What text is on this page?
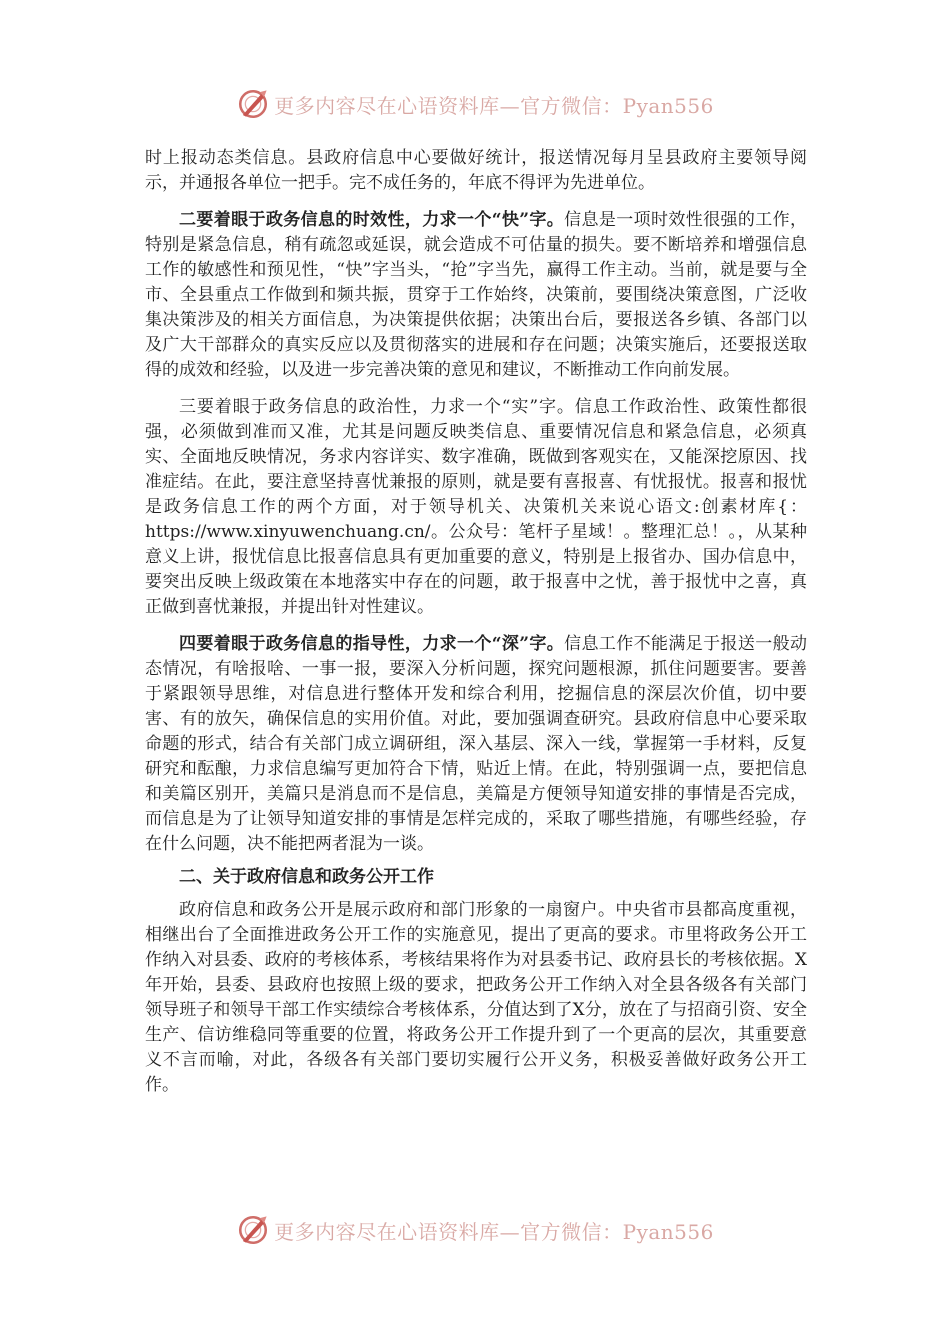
更多内容尽在心语资料库—官方微信：Pyan556

时上报动态类信息。县政府信息中心要做好统计，报送情况每月呈县政府主要领导阅示，并通报各单位一把手。完不成任务的，年底不得评为先进单位。

二要着眼于政务信息的时效性，力求一个“快”字。信息是一项时效性很强的工作，特别是紧急信息，稍有疏忽或延误，就会造成不可估量的损失。要不断培养和增强信息工作的敏感性和预见性，“快”字当头，“抢”字当先，赢得工作主动。当前，就是要与全市、全县重点工作做到和频共振，贯穿于工作始终，决策前，要围绕决策意图，广泛收集决策涉及的相关方面信息，为决策提供依据；决策出台后，要报送各乡镇、各部门以及广大干部群众的真实反应以及贯彻落实的进展和存在问题；决策实施后，还要报送取得的成效和经验，以及进一步完善决策的意见和建议，不断推动工作向前发展。

三要着眼于政务信息的政治性，力求一个“实”字。信息工作政治性、政策性都很强，必须做到准而又准，尤其是问题反映类信息、重要情况信息和紧急信息，必须真实、全面地反映情况，务求内容详实、数字准确，既做到客观实在，又能深挖原因、找准症结。在此，要注意坚持喜忧兼报的原则，就是要有喜报喜、有忧报忧。报喜和报忧是政务信息工作的两个方面，对于领导机关、决策机关来说心语文:创素材库{：https://www.xinyuwenchuang.cn/。公众号：笔杆子星域！。整理汇总！。，从某种意义上讲，报忧信息比报喜信息具有更加重要的意义，特别是上报省办、国办信息中，要突出反映上级政策在本地落实中存在的问题，敢于报喜中之忧，善于报忧中之喜，真正做到喜忧兼报，并提出针对性建议。

四要着眼于政务信息的指导性，力求一个“深”字。信息工作不能满足于报送一般动态情况，有啥报啥、一事一报，要深入分析问题，探究问题根源，抓住问题要害。要善于紧跟领导思维，对信息进行整体开发和综合利用，挖掘信息的深层次价值，切中要害、有的放矢，确保信息的实用价值。对此，要加强调查研究。县政府信息中心要采取命题的形式，结合有关部门成立调研组，深入基层、深入一线，掌握第一手材料，反复研究和酝酿，力求信息编写更加符合下情，贴近上情。在此，特别强调一点，要把信息和美篇区别开，美篇只是消息而不是信息，美篇是方便领导知道安排的事情是否完成，而信息是为了让领导知道安排的事情是怎样完成的，采取了哪些措施，有哪些经验，存在什么问题，决不能把两者混为一谈。

二、关于政府信息和政务公开工作

政府信息和政务公开是展示政府和部门形象的一扇窗户。中央省市县都高度重视，相继出台了全面推进政务公开工作的实施意见，提出了更高的要求。市里将政务公开工作纳入对县委、政府的考核体系，考核结果将作为对县委书记、政府县长的考核依据。X年开始，县委、县政府也按照上级的要求，把政务公开工作纳入对全县各级各有关部门领导班子和领导干部工作实绩综合考核体系，分值达到了X分，放在了与招商引资、安全生产、信访维稳同等重要的位置，将政务公开工作提升到了一个更高的层次，其重要意义不言而喻，对此，各级各有关部门要切实履行公开义务，积极妥善做好政务公开工作。

更多内容尽在心语资料库—官方微信：Pyan556
